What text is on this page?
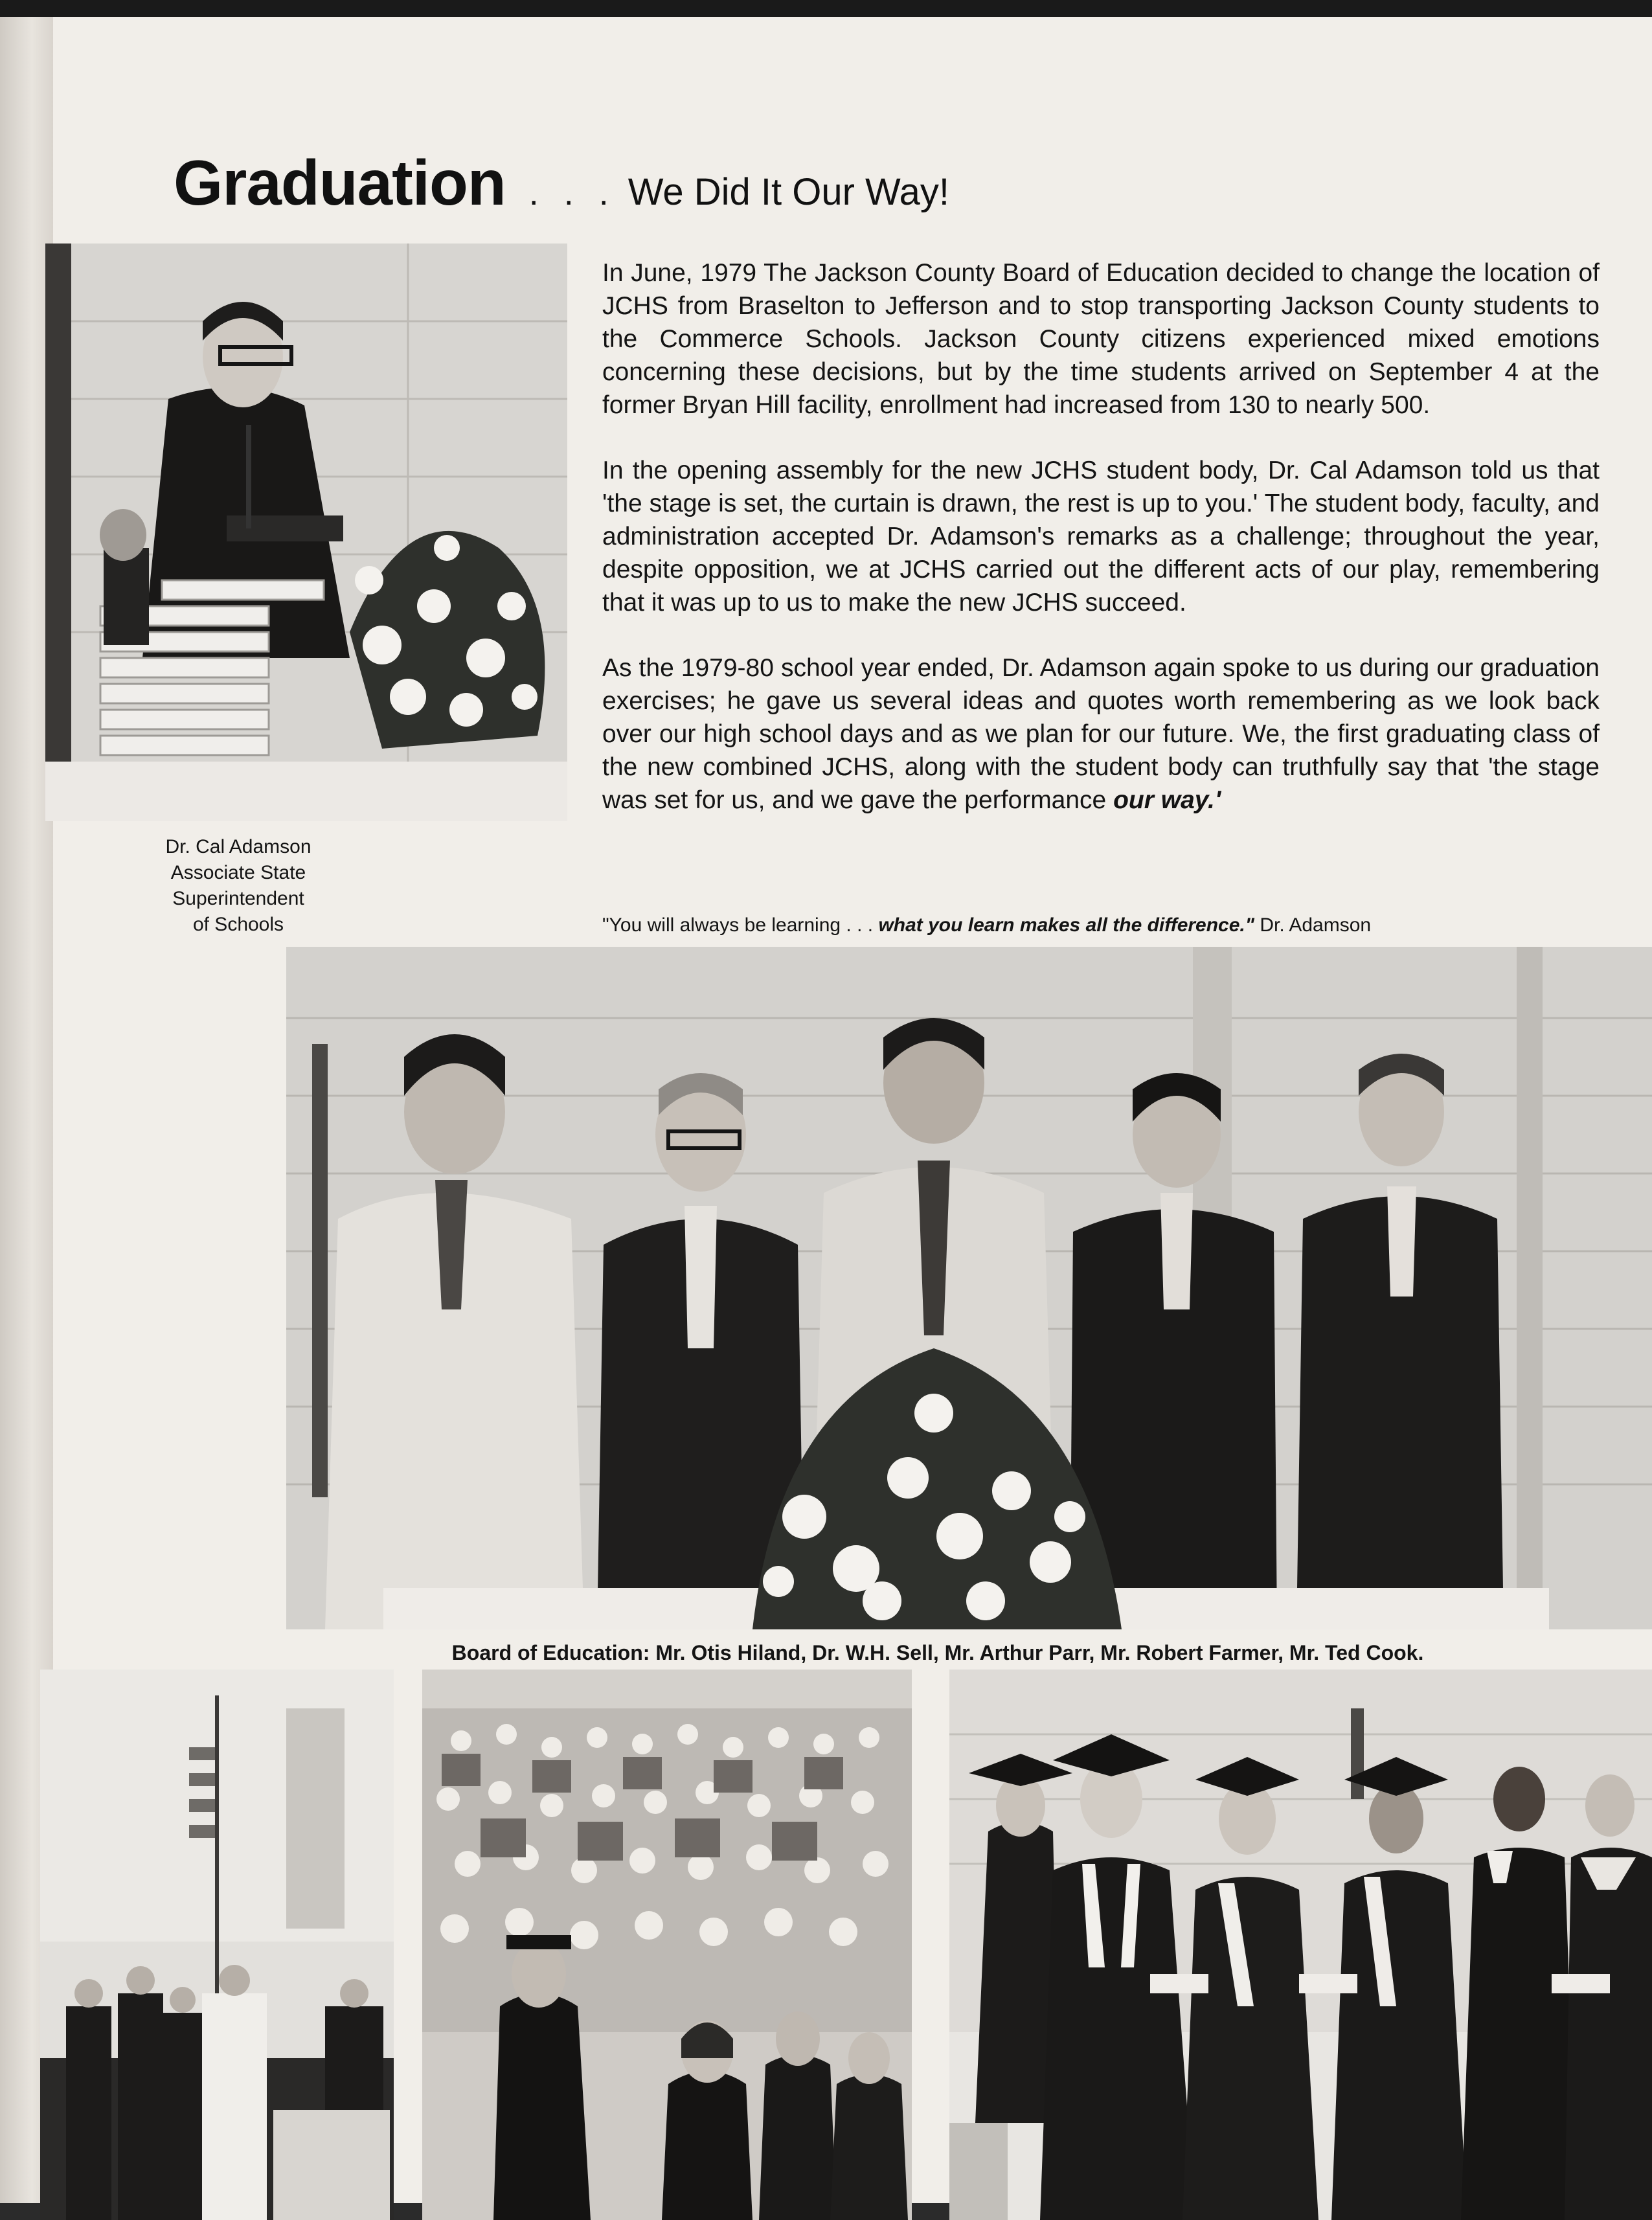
Graduation . . . We Did It Our Way!
Dr. Cal Adamson
Associate State Superintendent
of Schools

In June, 1979 The Jackson County Board of Education decided to change the location of JCHS from Braselton to Jefferson and to stop transporting Jackson County students to the Commerce Schools. Jackson County citizens experienced mixed emotions concerning these decisions, but by the time students arrived on September 4 at the former Bryan Hill facility, enrollment had increased from 130 to nearly 500.

In the opening assembly for the new JCHS student body, Dr. Cal Adamson told us that 'the stage is set, the curtain is drawn, the rest is up to you.' The student body, faculty, and administration accepted Dr. Adamson's remarks as a challenge; throughout the year, despite opposition, we at JCHS carried out the different acts of our play, remembering that it was up to us to make the new JCHS succeed.

As the 1979-80 school year ended, Dr. Adamson again spoke to us during our graduation exercises; he gave us several ideas and quotes worth remembering as we look back over our high school days and as we plan for our future. We, the first graduating class of the new combined JCHS, along with the student body can truthfully say that 'the stage was set for us, and we gave the performance our way.'

"You will always be learning . . . what you learn makes all the difference." Dr. Adamson
Board of Education: Mr. Otis Hiland, Dr. W.H. Sell, Mr. Arthur Parr, Mr. Robert Farmer, Mr. Ted Cook.
